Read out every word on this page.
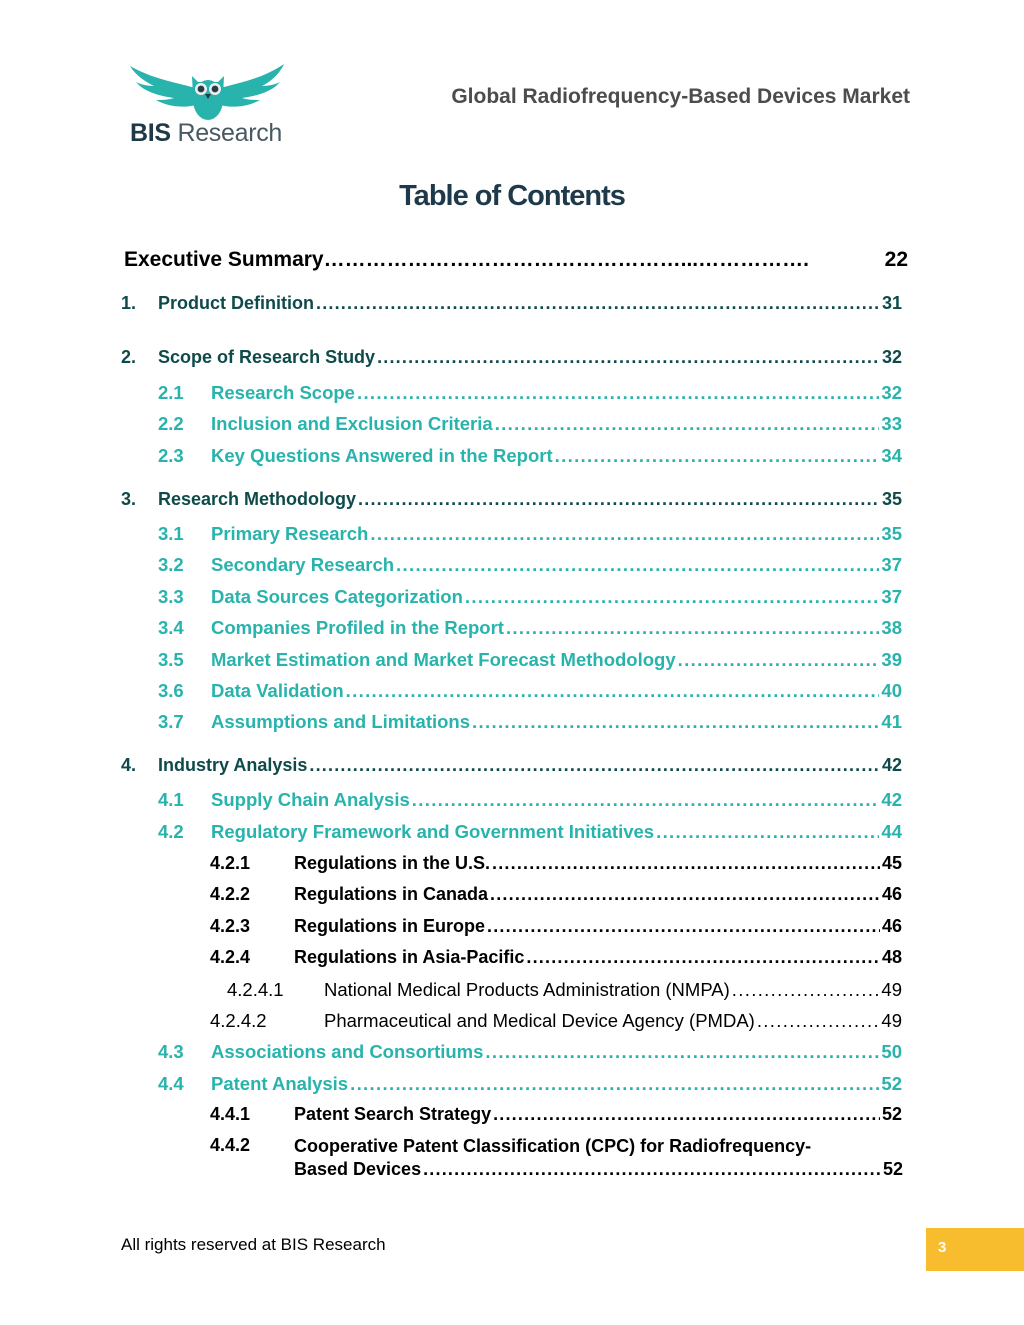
BIS Research
Global Radiofrequency-Based Devices Market
Table of Contents
Executive Summary ……………………………………………...…………….	22
1.	Product Definition . . .	31
2.	Scope of Research Study . . .	32
2.1	Research Scope . . .	32
2.2	Inclusion and Exclusion Criteria . . .	33
2.3	Key Questions Answered in the Report . . .	34
3.	Research Methodology . . .	35
3.1	Primary Research . . .	35
3.2	Secondary Research . . .	37
3.3	Data Sources Categorization . . .	37
3.4	Companies Profiled in the Report . . .	38
3.5	Market Estimation and Market Forecast Methodology . . .	39
3.6	Data Validation . . .	40
3.7	Assumptions and Limitations . . .	41
4.	Industry Analysis . . .	42
4.1	Supply Chain Analysis . . .	42
4.2	Regulatory Framework and Government Initiatives . . .	44
4.2.1	Regulations in the U.S. . . .	45
4.2.2	Regulations in Canada . . .	46
4.2.3	Regulations in Europe . . .	46
4.2.4	Regulations in Asia-Pacific . . .	48
4.2.4.1	National Medical Products Administration (NMPA) . . .	49
4.2.4.2	Pharmaceutical and Medical Device Agency (PMDA) . . .	49
4.3	Associations and Consortiums . . .	50
4.4	Patent Analysis . . .	52
4.4.1	Patent Search Strategy . . .	52
4.4.2	Cooperative Patent Classification (CPC) for Radiofrequency-
Based Devices . . .	52
All rights reserved at BIS Research	3
